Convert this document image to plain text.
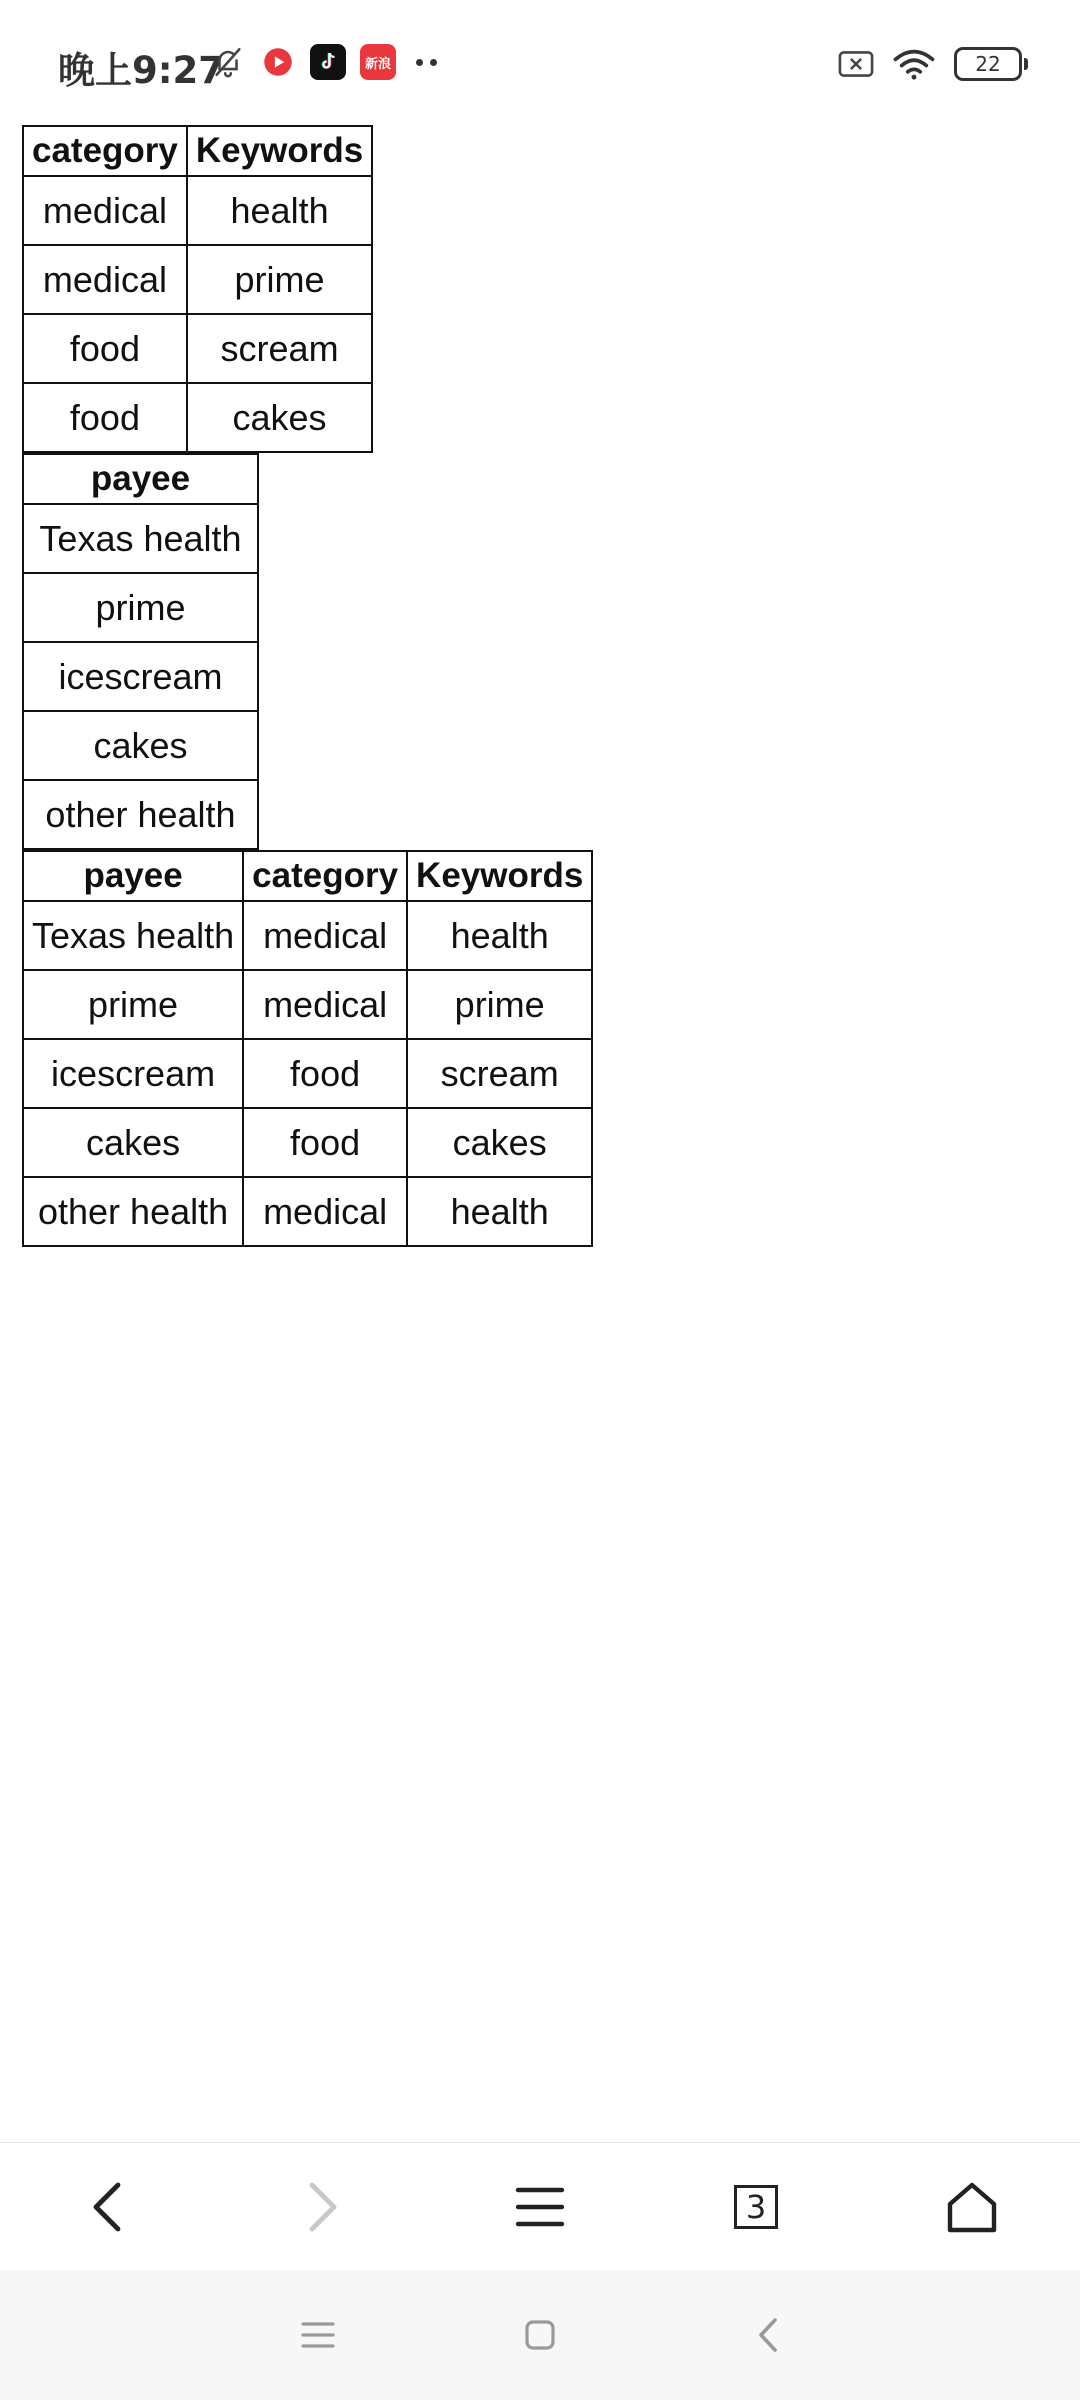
晚上9:27	新浪	22
category	Keywords
medical	health
medical	prime
food	scream
food	cakes
payee
Texas health
prime
icescream
cakes
other health
payee	category	Keywords
Texas health	medical	health
prime	medical	prime
icescream	food	scream
cakes	food	cakes
other health	medical	health
3
